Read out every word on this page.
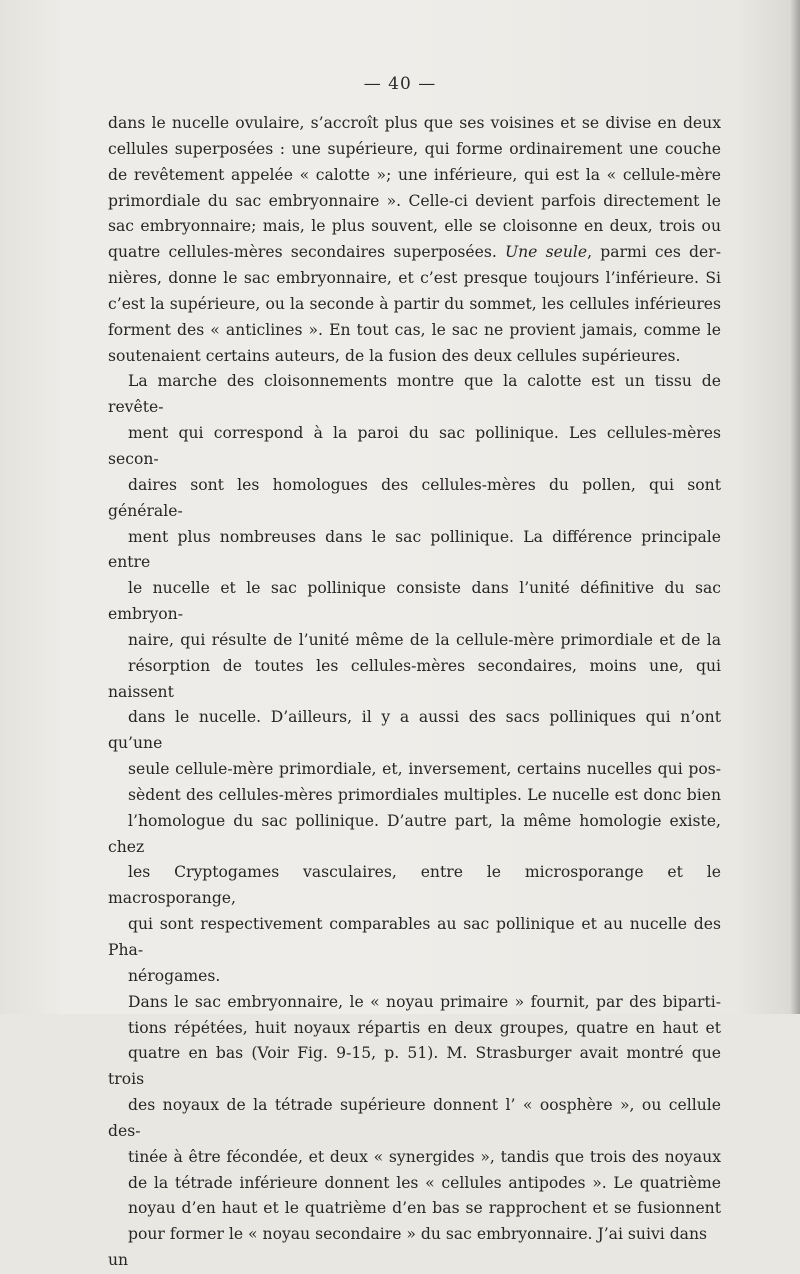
— 40 —

dans le nucelle ovulaire, s’accroît plus que ses voisines et se divise en deux
cellules superposées : une supérieure, qui forme ordinairement une couche
de revêtement appelée « calotte »; une inférieure, qui est la « cellule-mère
primordiale du sac embryonnaire ». Celle-ci devient parfois directement le
sac embryonnaire; mais, le plus souvent, elle se cloisonne en deux, trois ou
quatre cellules-mères secondaires superposées. Une seule, parmi ces der-
nières, donne le sac embryonnaire, et c’est presque toujours l’inférieure. Si
c’est la supérieure, ou la seconde à partir du sommet, les cellules inférieures
forment des « anticlines ». En tout cas, le sac ne provient jamais, comme le
soutenaient certains auteurs, de la fusion des deux cellules supérieures.
La marche des cloisonnements montre que la calotte est un tissu de revête-
ment qui correspond à la paroi du sac pollinique. Les cellules-mères secon-
daires sont les homologues des cellules-mères du pollen, qui sont générale-
ment plus nombreuses dans le sac pollinique. La différence principale entre
le nucelle et le sac pollinique consiste dans l’unité définitive du sac embryon-
naire, qui résulte de l’unité même de la cellule-mère primordiale et de la
résorption de toutes les cellules-mères secondaires, moins une, qui naissent
dans le nucelle. D’ailleurs, il y a aussi des sacs polliniques qui n’ont qu’une
seule cellule-mère primordiale, et, inversement, certains nucelles qui pos-
sèdent des cellules-mères primordiales multiples. Le nucelle est donc bien
l’homologue du sac pollinique. D’autre part, la même homologie existe, chez
les Cryptogames vasculaires, entre le microsporange et le macrosporange,
qui sont respectivement comparables au sac pollinique et au nucelle des Pha-
nérogames.
Dans le sac embryonnaire, le « noyau primaire » fournit, par des biparti-
tions répétées, huit noyaux répartis en deux groupes, quatre en haut et
quatre en bas (Voir Fig. 9-15, p. 51). M. Strasburger avait montré que trois
des noyaux de la tétrade supérieure donnent l’ « oosphère », ou cellule des-
tinée à être fécondée, et deux « synergides », tandis que trois des noyaux
de la tétrade inférieure donnent les « cellules antipodes ». Le quatrième
noyau d’en haut et le quatrième d’en bas se rapprochent et se fusionnent
pour former le « noyau secondaire » du sac embryonnaire. J’ai suivi dans un
